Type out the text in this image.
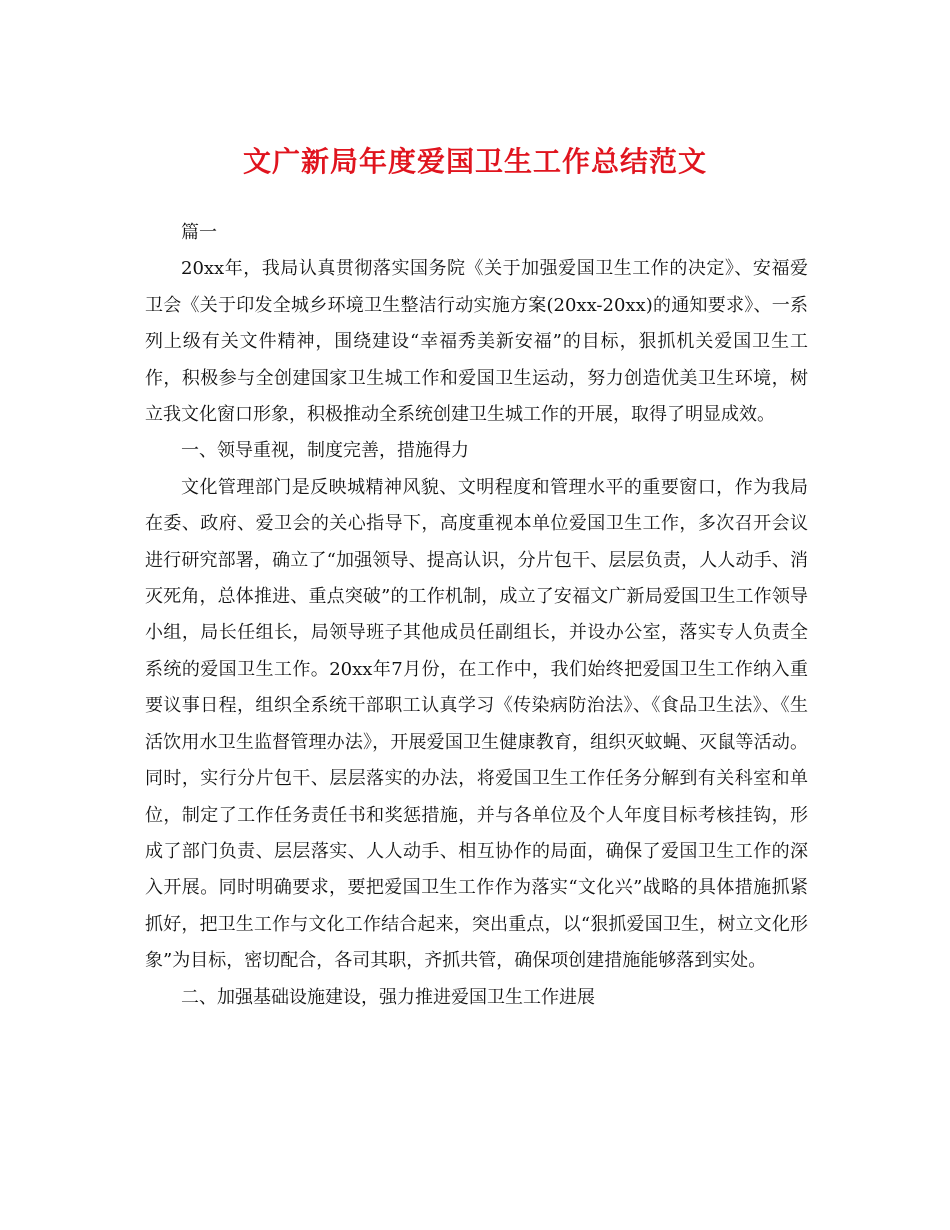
文广新局年度爱国卫生工作总结范文

篇一

20xx年，我局认真贯彻落实国务院《关于加强爱国卫生工作的决定》、安福爱卫会《关于印发全城乡环境卫生整洁行动实施方案(20xx-20xx)的通知要求》、一系列上级有关文件精神，围绕建设“幸福秀美新安福”的目标，狠抓机关爱国卫生工作，积极参与全创建国家卫生城工作和爱国卫生运动，努力创造优美卫生环境，树立我文化窗口形象，积极推动全系统创建卫生城工作的开展，取得了明显成效。

一、领导重视，制度完善，措施得力

文化管理部门是反映城精神风貌、文明程度和管理水平的重要窗口，作为我局在委、政府、爱卫会的关心指导下，高度重视本单位爱国卫生工作，多次召开会议进行研究部署，确立了“加强领导、提高认识，分片包干、层层负责，人人动手、消灭死角，总体推进、重点突破”的工作机制，成立了安福文广新局爱国卫生工作领导小组，局长任组长，局领导班子其他成员任副组长，并设办公室，落实专人负责全系统的爱国卫生工作。20xx年7月份，在工作中，我们始终把爱国卫生工作纳入重要议事日程，组织全系统干部职工认真学习《传染病防治法》、《食品卫生法》、《生活饮用水卫生监督管理办法》，开展爱国卫生健康教育，组织灭蚊蝇、灭鼠等活动。同时，实行分片包干、层层落实的办法，将爱国卫生工作任务分解到有关科室和单位，制定了工作任务责任书和奖惩措施，并与各单位及个人年度目标考核挂钩，形成了部门负责、层层落实、人人动手、相互协作的局面，确保了爱国卫生工作的深入开展。同时明确要求，要把爱国卫生工作作为落实“文化兴”战略的具体措施抓紧抓好，把卫生工作与文化工作结合起来，突出重点，以“狠抓爱国卫生，树立文化形象”为目标，密切配合，各司其职，齐抓共管，确保项创建措施能够落到实处。

二、加强基础设施建设，强力推进爱国卫生工作进展
